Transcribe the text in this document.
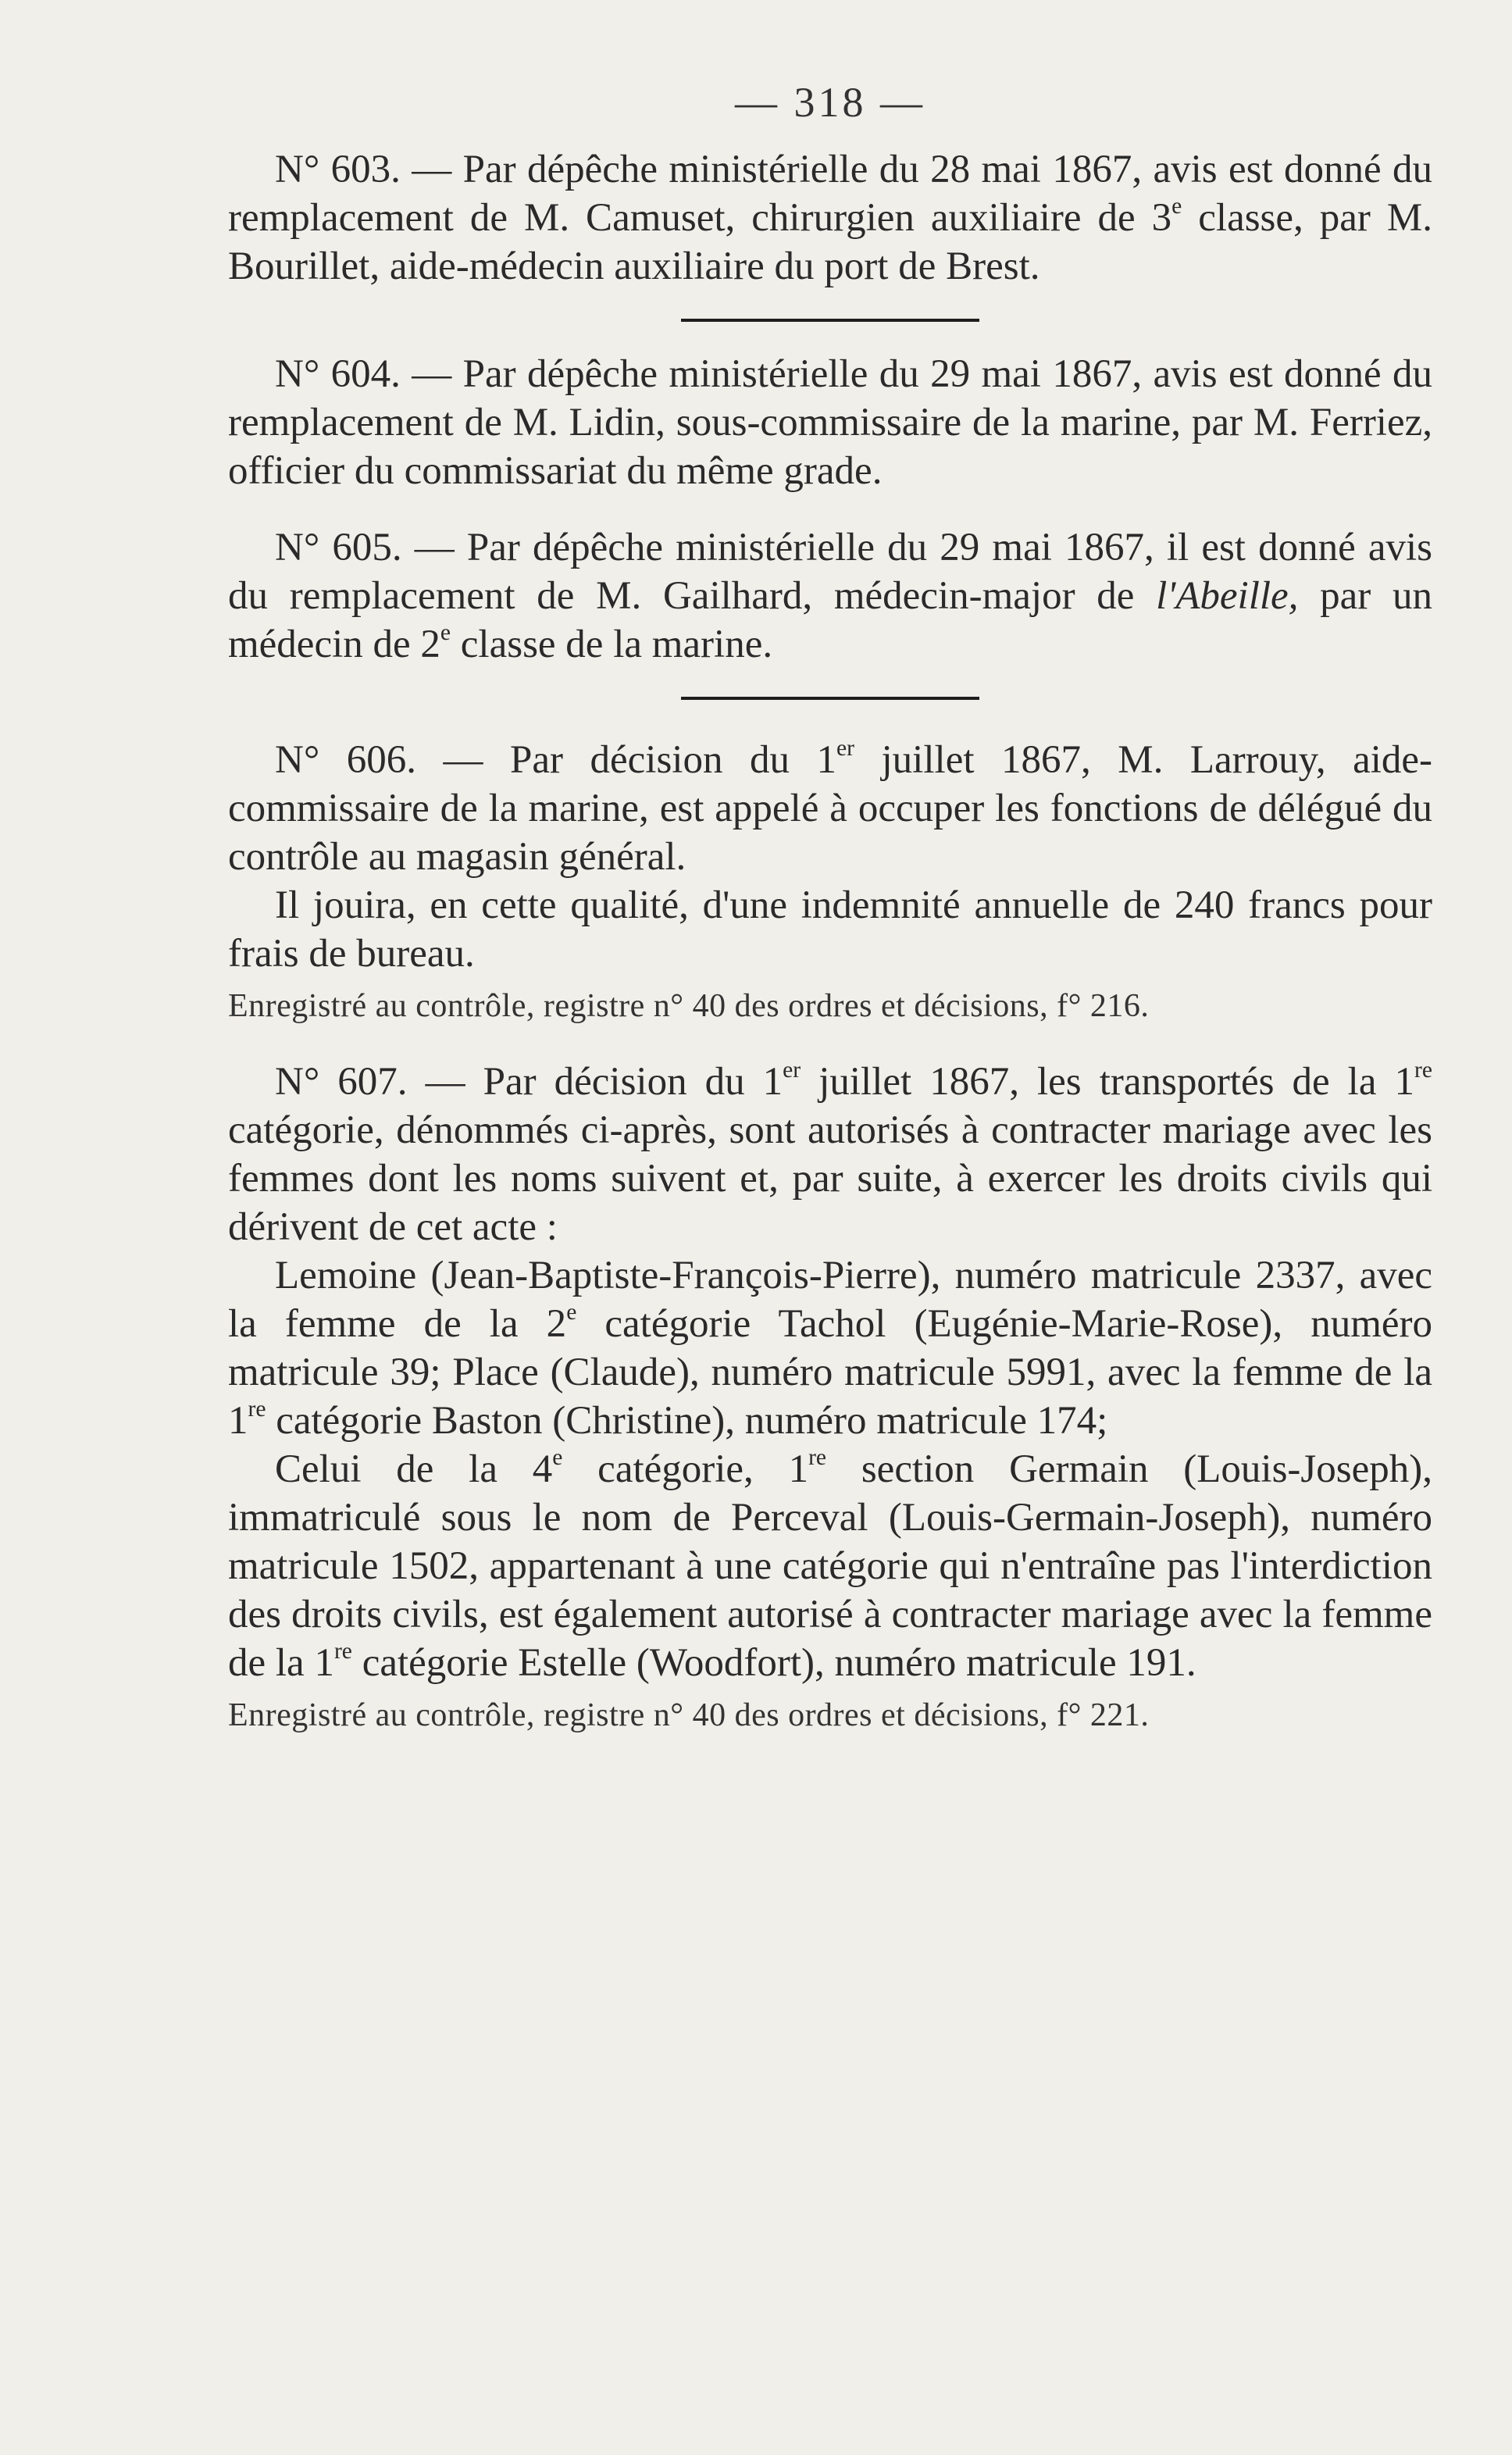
— 318 —

N° 603. — Par dépêche ministérielle du 28 mai 1867, avis est donné du remplacement de M. Camuset, chirurgien auxiliaire de 3e classe, par M. Bourillet, aide-médecin auxiliaire du port de Brest.

N° 604. — Par dépêche ministérielle du 29 mai 1867, avis est donné du remplacement de M. Lidin, sous-commissaire de la marine, par M. Ferriez, officier du commissariat du même grade.

N° 605. — Par dépêche ministérielle du 29 mai 1867, il est donné avis du remplacement de M. Gailhard, médecin-major de l'Abeille, par un médecin de 2e classe de la marine.

N° 606. — Par décision du 1er juillet 1867, M. Larrouy, aide-commissaire de la marine, est appelé à occuper les fonctions de délégué du contrôle au magasin général.

Il jouira, en cette qualité, d'une indemnité annuelle de 240 francs pour frais de bureau.

Enregistré au contrôle, registre n° 40 des ordres et décisions, f° 216.

N° 607. — Par décision du 1er juillet 1867, les transportés de la 1re catégorie, dénommés ci-après, sont autorisés à contracter mariage avec les femmes dont les noms suivent et, par suite, à exercer les droits civils qui dérivent de cet acte :

Lemoine (Jean-Baptiste-François-Pierre), numéro matricule 2337, avec la femme de la 2e catégorie Tachol (Eugénie-Marie-Rose), numéro matricule 39; Place (Claude), numéro matricule 5991, avec la femme de la 1re catégorie Baston (Christine), numéro matricule 174;

Celui de la 4e catégorie, 1re section Germain (Louis-Joseph), immatriculé sous le nom de Perceval (Louis-Germain-Joseph), numéro matricule 1502, appartenant à une catégorie qui n'entraîne pas l'interdiction des droits civils, est également autorisé à contracter mariage avec la femme de la 1re catégorie Estelle (Woodfort), numéro matricule 191.

Enregistré au contrôle, registre n° 40 des ordres et décisions, f° 221.
